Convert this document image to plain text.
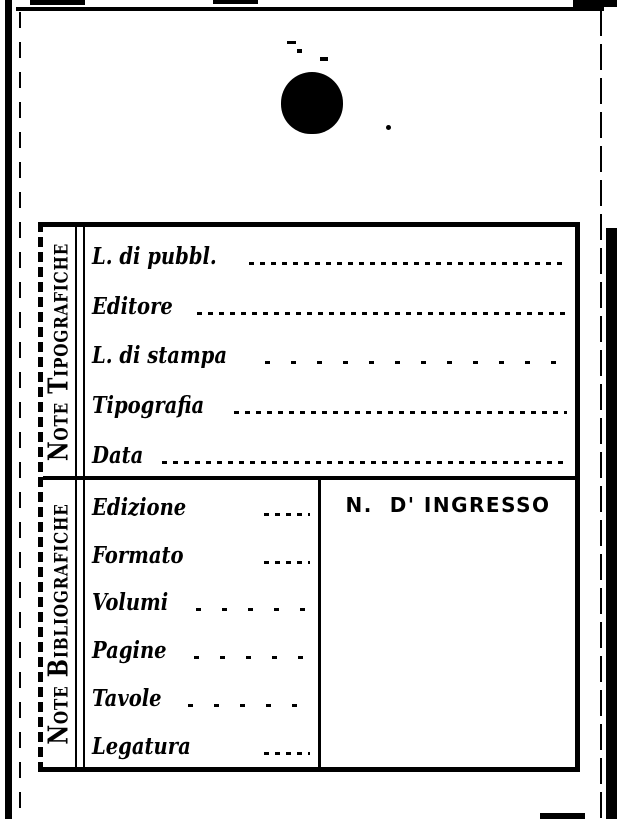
Note Tipografiche L. di pubbl.
Editore
L. di stampa
Tipografia
Data
Note Bibliografiche Edizione
Formato
Volumi
Pagine
Tavole
Legatura
N.  D' INGRESSO
